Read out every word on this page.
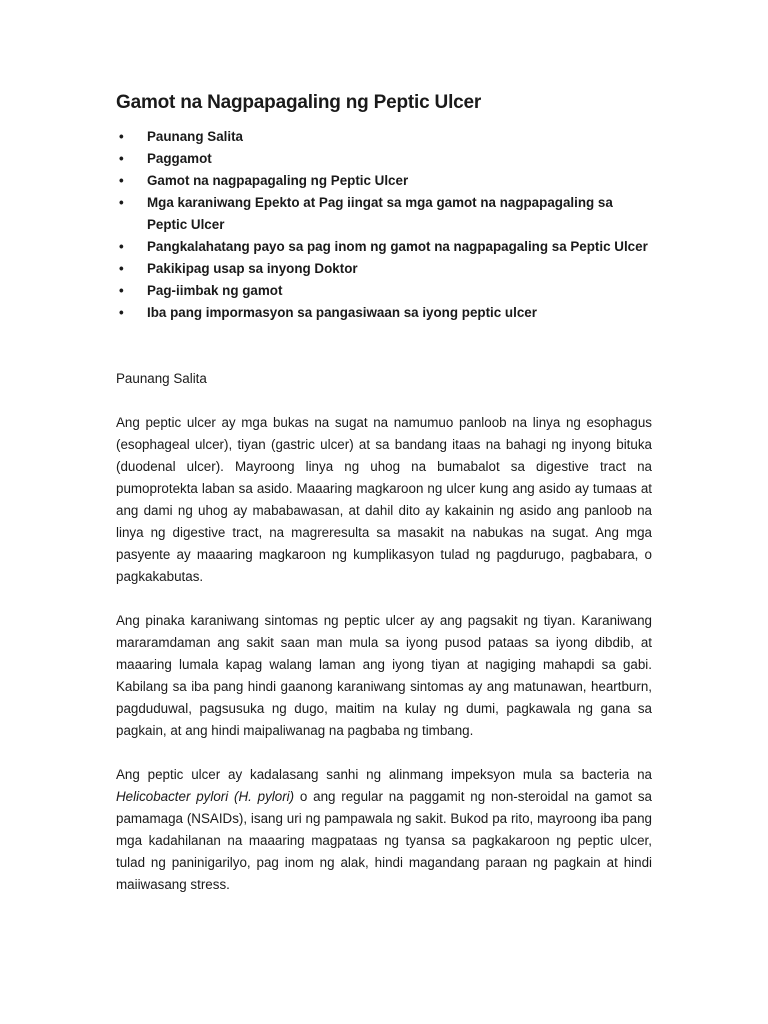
Gamot na Nagpapagaling ng Peptic Ulcer
• Paunang Salita
• Paggamot
• Gamot na nagpapagaling ng Peptic Ulcer
• Mga karaniwang Epekto at Pag iingat sa mga gamot na nagpapagaling sa Peptic Ulcer
• Pangkalahatang payo sa pag inom ng gamot na nagpapagaling sa Peptic Ulcer
• Pakikipag usap sa inyong Doktor
• Pag-iimbak ng gamot
• Iba pang impormasyon sa pangasiwaan sa iyong peptic ulcer
Paunang Salita

Ang peptic ulcer ay mga bukas na sugat na namumuo panloob na linya ng esophagus (esophageal ulcer), tiyan (gastric ulcer) at sa bandang itaas na bahagi ng inyong bituka (duodenal ulcer). Mayroong linya ng uhog na bumabalot sa digestive tract na pumoprotekta laban sa asido. Maaaring magkaroon ng ulcer kung ang asido ay tumaas at ang dami ng uhog ay mababawasan, at dahil dito ay kakainin ng asido ang panloob na linya ng digestive tract, na magreresulta sa masakit na nabukas na sugat. Ang mga pasyente ay maaaring magkaroon ng kumplikasyon tulad ng pagdurugo, pagbabara, o pagkakabutas.

Ang pinaka karaniwang sintomas ng peptic ulcer ay ang pagsakit ng tiyan. Karaniwang mararamdaman ang sakit saan man mula sa iyong pusod pataas sa iyong dibdib, at maaaring lumala kapag walang laman ang iyong tiyan at nagiging mahapdi sa gabi. Kabilang sa iba pang hindi gaanong karaniwang sintomas ay ang matunawan, heartburn, pagduduwal, pagsusuka ng dugo, maitim na kulay ng dumi, pagkawala ng gana sa pagkain, at ang hindi maipaliwanag na pagbaba ng timbang.

Ang peptic ulcer ay kadalasang sanhi ng alinmang impeksyon mula sa bacteria na Helicobacter pylori (H. pylori) o ang regular na paggamit ng non-steroidal na gamot sa pamamaga (NSAIDs), isang uri ng pampawala ng sakit. Bukod pa rito, mayroong iba pang mga kadahilanan na maaaring magpataas ng tyansa sa pagkakaroon ng peptic ulcer, tulad ng paninigarilyo, pag inom ng alak, hindi magandang paraan ng pagkain at hindi maiiwasang stress.
